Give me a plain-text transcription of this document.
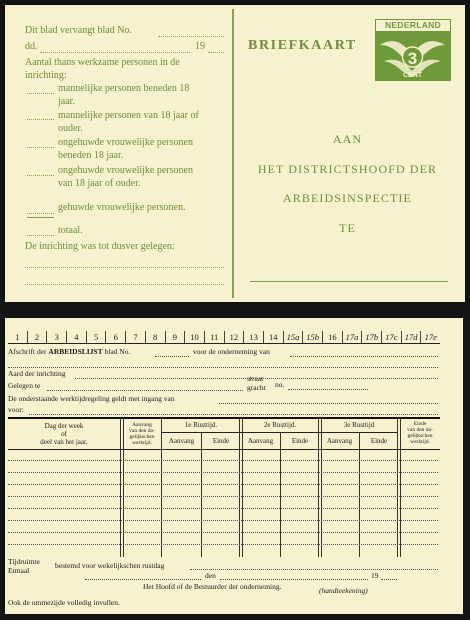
Dit blad vervangt blad No.
dd.	19
Aantal thans werkzame personen in de
inrichting:
mannelijke personen beneden 18
jaar.
mannelijke personen van 18 jaar of
ouder.
ongehuwde vrouwelijke personen
beneden 18 jaar.
ongehuwde vrouwelijke personen
van 18 jaar of ouder.
gehuwde vrouwelijke personen.
totaal.
De inrichting was tot dusver gelegen:
BRIEFKAART
NEDERLAND
3
CENT
AAN
HET DISTRICTSHOOFD DER
ARBEIDSINSPECTIE
TE
1	2	3	4	5	6	7	8	9	10	11	12	13	14	15a 15b	16	17a 17b 17c 17d 17e
Afschrift der ARBEIDSLIJST blad No.	voor de onderneming van
Aard der inrichting
straat
gracht
Gelegen te	no.
De onderstaande werktijdregeling geldt met ingang van
voor:
Dag der week
of
deel van het jaar.
Aanvang
van den da-
gelijkschen
werktijd.
1e Rusttijd.	2e Rusttijd.	3e Rusttijd
Aanvang	Einde	Aanvang	Einde	Aanvang	Einde
Einde
van den da-
gelijkschen
werktijd.
Tijdruimte
Etmaal
bestemd voor wekelijkschen rustdag
den	19
Het Hoofd of de Bestuurder der onderneming.	(handteekening)
Ook de ommezijde volledig invullen.
